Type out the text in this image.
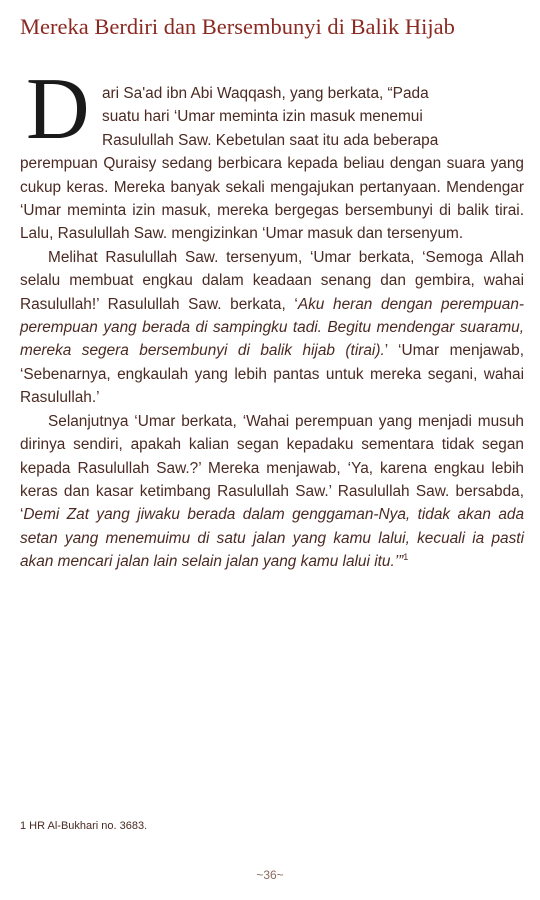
Mereka Berdiri dan Bersembunyi di Balik Hijab
D ari Sa'ad ibn Abi Waqqash, yang berkata, “Pada
suatu hari ‘Umar meminta izin masuk menemui
Rasulullah Saw. Kebetulan saat itu ada beberapa
perempuan Quraisy sedang berbicara kepada beliau dengan suara yang cukup keras. Mereka banyak sekali mengajukan pertanyaan. Mendengar ‘Umar meminta izin masuk, mereka bergegas bersembunyi di balik tirai. Lalu, Rasulullah Saw. mengizinkan ‘Umar masuk dan tersenyum.

Melihat Rasulullah Saw. tersenyum, ‘Umar berkata, ‘Semoga Allah selalu membuat engkau dalam keadaan senang dan gembira, wahai Rasulullah!’ Rasulullah Saw. berkata, ‘Aku heran dengan perempuan-perempuan yang berada di sampingku tadi. Begitu mendengar suaramu, mereka segera bersembunyi di balik hijab (tirai).’ ‘Umar menjawab, ‘Sebenarnya, engkaulah yang lebih pantas untuk mereka segani, wahai Rasulullah.’

Selanjutnya ‘Umar berkata, ‘Wahai perempuan yang menjadi musuh dirinya sendiri, apakah kalian segan kepadaku sementara tidak segan kepada Rasulullah Saw.?’ Mereka menjawab, ‘Ya, karena engkau lebih keras dan kasar ketimbang Rasulullah Saw.’ Rasulullah Saw. bersabda, ‘Demi Zat yang jiwaku berada dalam genggaman-Nya, tidak akan ada setan yang menemuimu di satu jalan yang kamu lalui, kecuali ia pasti akan mencari jalan lain selain jalan yang kamu lalui itu.’”$^1$

1 HR Al-Bukhari no. 3683.
~36~
